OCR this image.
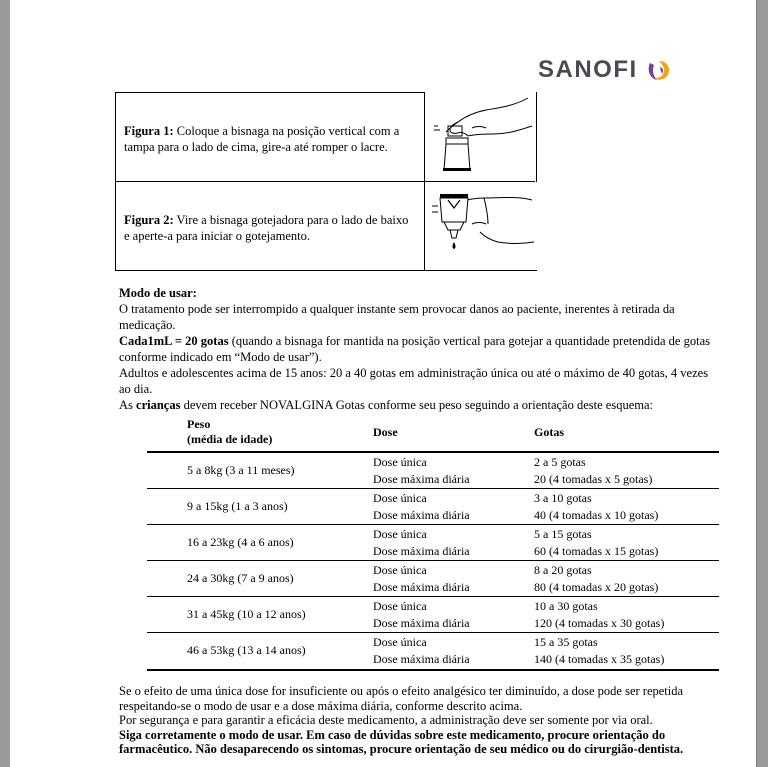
SANOFI
Figura 1: Coloque a bisnaga na posição vertical com a tampa para o lado de cima, gire-a até romper o lacre.
Figura 2: Vire a bisnaga gotejadora para o lado de baixo e aperte-a para iniciar o gotejamento.

Modo de usar:

O tratamento pode ser interrompido a qualquer instante sem provocar danos ao paciente, inerentes à retirada da medicação.

Cada1mL = 20 gotas (quando a bisnaga for mantida na posição vertical para gotejar a quantidade pretendida de gotas conforme indicado em “Modo de usar”).

Adultos e adolescentes acima de 15 anos: 20 a 40 gotas em administração única ou até o máximo de 40 gotas, 4 vezes ao dia.

As crianças devem receber NOVALGINA Gotas conforme seu peso seguindo a orientação deste esquema:

Peso
(média de idade)	Dose	Gotas
5 a 8kg (3 a 11 meses)
Dose única
Dose máxima diária
2 a 5 gotas
20 (4 tomadas x 5 gotas)
9 a 15kg (1 a 3 anos)
Dose única
Dose máxima diária
3 a 10 gotas
40 (4 tomadas x 10 gotas)
16 a 23kg (4 a 6 anos)
Dose única
Dose máxima diária
5 a 15 gotas
60 (4 tomadas x 15 gotas)
24 a 30kg (7 a 9 anos)
Dose única
Dose máxima diária
8 a 20 gotas
80 (4 tomadas x 20 gotas)
31 a 45kg (10 a 12 anos)
Dose única
Dose máxima diária
10 a 30 gotas
120 (4 tomadas x 30 gotas)
46 a 53kg (13 a 14 anos)
Dose única
Dose máxima diária
15 a 35 gotas
140 (4 tomadas x 35 gotas)

Se o efeito de uma única dose for insuficiente ou após o efeito analgésico ter diminuído, a dose pode ser repetida respeitando-se o modo de usar e a dose máxima diária, conforme descrito acima.

Por segurança e para garantir a eficácia deste medicamento, a administração deve ser somente por via oral.

Siga corretamente o modo de usar. Em caso de dúvidas sobre este medicamento, procure orientação do farmacêutico. Não desaparecendo os sintomas, procure orientação de seu médico ou do cirurgião-dentista.
